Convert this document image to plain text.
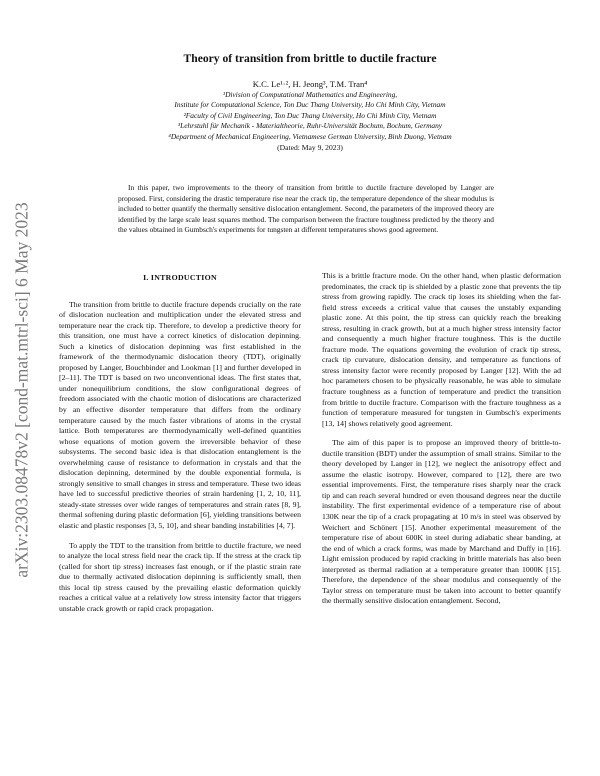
arXiv:2303.08478v2 [cond-mat.mtrl-sci] 6 May 2023
Theory of transition from brittle to ductile fracture
K.C. Le¹·², H. Jeong³, T.M. Tran⁴
¹Division of Computational Mathematics and Engineering,
Institute for Computational Science, Ton Duc Thang University, Ho Chi Minh City, Vietnam
²Faculty of Civil Engineering, Ton Duc Thang University, Ho Chi Minh City, Vietnam
³Lehrstuhl für Mechanik - Materialtheorie, Ruhr-Universität Bochum, Bochum, Germany
⁴Department of Mechanical Engineering, Vietnamese German University, Binh Duong, Vietnam
(Dated: May 9, 2023)

In this paper, two improvements to the theory of transition from brittle to ductile fracture developed by Langer are proposed. First, considering the drastic temperature rise near the crack tip, the temperature dependence of the shear modulus is included to better quantify the thermally sensitive dislocation entanglement. Second, the parameters of the improved theory are identified by the large scale least squares method. The comparison between the fracture toughness predicted by the theory and the values obtained in Gumbsch's experiments for tungsten at different temperatures shows good agreement.

I. INTRODUCTION

The transition from brittle to ductile fracture depends crucially on the rate of dislocation nucleation and multiplication under the elevated stress and temperature near the crack tip. Therefore, to develop a predictive theory for this transition, one must have a correct kinetics of dislocation depinning. Such a kinetics of dislocation depinning was first established in the framework of the thermodynamic dislocation theory (TDT), originally proposed by Langer, Bouchbinder and Lookman [1] and further developed in [2–11]. The TDT is based on two unconventional ideas. The first states that, under nonequilibrium conditions, the slow configurational degrees of freedom associated with the chaotic motion of dislocations are characterized by an effective disorder temperature that differs from the ordinary temperature caused by the much faster vibrations of atoms in the crystal lattice. Both temperatures are thermodynamically well-defined quantities whose equations of motion govern the irreversible behavior of these subsystems. The second basic idea is that dislocation entanglement is the overwhelming cause of resistance to deformation in crystals and that the dislocation depinning, determined by the double exponential formula, is strongly sensitive to small changes in stress and temperature. These two ideas have led to successful predictive theories of strain hardening [1, 2, 10, 11], steady-state stresses over wide ranges of temperatures and strain rates [8, 9], thermal softening during plastic deformation [6], yielding transitions between elastic and plastic responses [3, 5, 10], and shear banding instabilities [4, 7].

To apply the TDT to the transition from brittle to ductile fracture, we need to analyze the local stress field near the crack tip. If the stress at the crack tip (called for short tip stress) increases fast enough, or if the plastic strain rate due to thermally activated dislocation depinning is sufficiently small, then this local tip stress caused by the prevailing elastic deformation quickly reaches a critical value at a relatively low stress intensity factor that triggers unstable crack growth or rapid crack propagation.

This is a brittle fracture mode. On the other hand, when plastic deformation predominates, the crack tip is shielded by a plastic zone that prevents the tip stress from growing rapidly. The crack tip loses its shielding when the far-field stress exceeds a critical value that causes the unstably expanding plastic zone. At this point, the tip stress can quickly reach the breaking stress, resulting in crack growth, but at a much higher stress intensity factor and consequently a much higher fracture toughness. This is the ductile fracture mode. The equations governing the evolution of crack tip stress, crack tip curvature, dislocation density, and temperature as functions of stress intensity factor were recently proposed by Langer [12]. With the ad hoc parameters chosen to be physically reasonable, he was able to simulate fracture toughness as a function of temperature and predict the transition from brittle to ductile fracture. Comparison with the fracture toughness as a function of temperature measured for tungsten in Gumbsch's experiments [13, 14] shows relatively good agreement.

The aim of this paper is to propose an improved theory of brittle-to-ductile transition (BDT) under the assumption of small strains. Similar to the theory developed by Langer in [12], we neglect the anisotropy effect and assume the elastic isotropy. However, compared to [12], there are two essential improvements. First, the temperature rises sharply near the crack tip and can reach several hundred or even thousand degrees near the ductile instability. The first experimental evidence of a temperature rise of about 130K near the tip of a crack propagating at 10 m/s in steel was observed by Weichert and Schönert [15]. Another experimental measurement of the temperature rise of about 600K in steel during adiabatic shear banding, at the end of which a crack forms, was made by Marchand and Duffy in [16]. Light emission produced by rapid cracking in brittle materials has also been interpreted as thermal radiation at a temperature greater than 1000K [15]. Therefore, the dependence of the shear modulus and consequently of the Taylor stress on temperature must be taken into account to better quantify the thermally sensitive dislocation entanglement. Second,
